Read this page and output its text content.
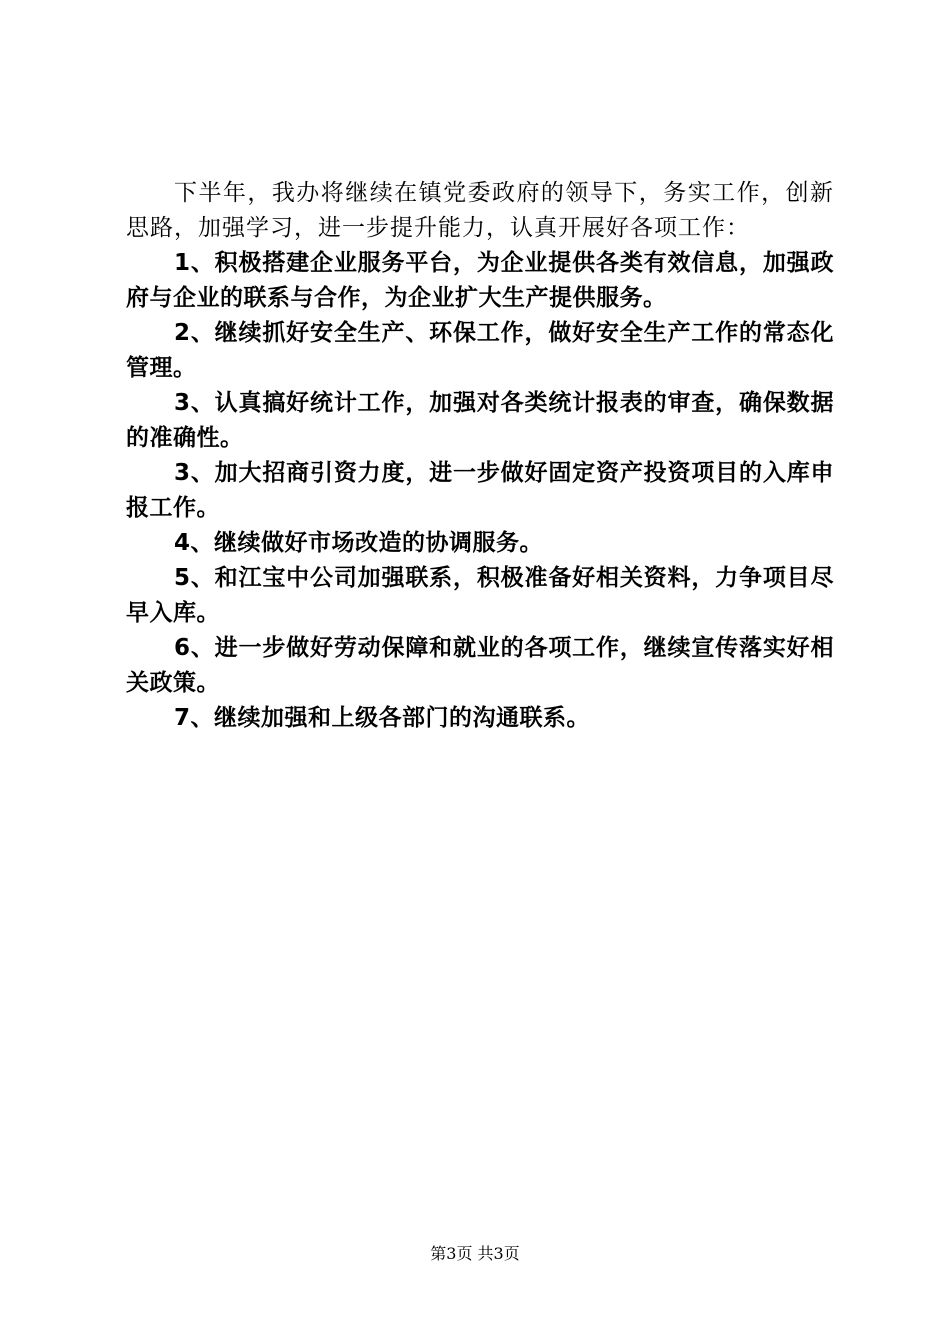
下半年，我办将继续在镇党委政府的领导下，务实工作，创新思路，加强学习，进一步提升能力，认真开展好各项工作：

1、积极搭建企业服务平台，为企业提供各类有效信息，加强政府与企业的联系与合作，为企业扩大生产提供服务。

2、继续抓好安全生产、环保工作，做好安全生产工作的常态化管理。

3、认真搞好统计工作，加强对各类统计报表的审查，确保数据的准确性。

3、加大招商引资力度，进一步做好固定资产投资项目的入库申报工作。

4、继续做好市场改造的协调服务。

5、和江宝中公司加强联系，积极准备好相关资料，力争项目尽早入库。

6、进一步做好劳动保障和就业的各项工作，继续宣传落实好相关政策。

7、继续加强和上级各部门的沟通联系。

第3页 共3页
